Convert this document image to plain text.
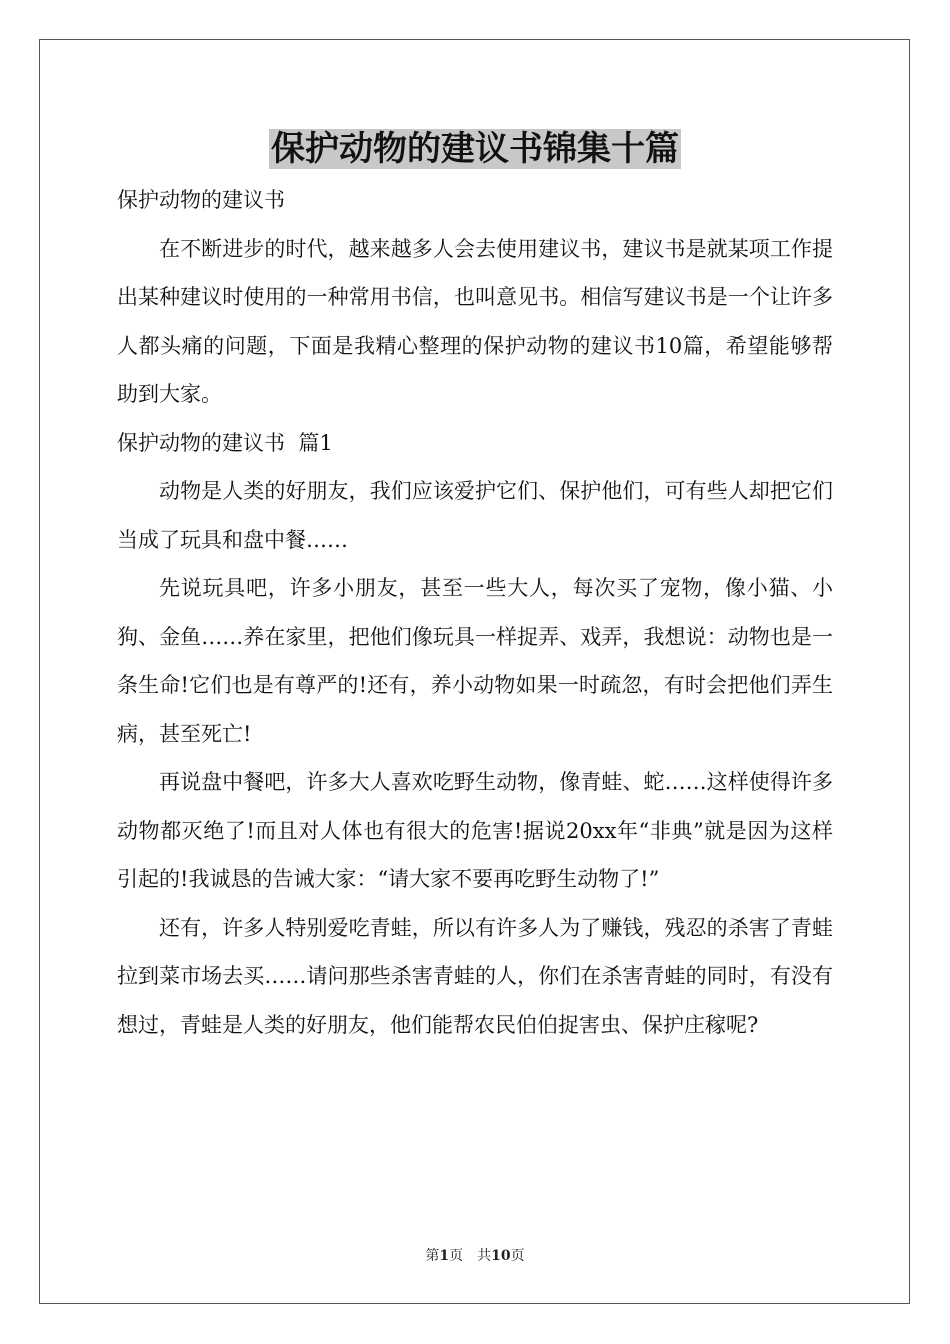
保护动物的建议书锦集十篇

保护动物的建议书

在不断进步的时代，越来越多人会去使用建议书，建议书是就某项工作提出某种建议时使用的一种常用书信，也叫意见书。相信写建议书是一个让许多人都头痛的问题，下面是我精心整理的保护动物的建议书10篇，希望能够帮助到大家。

保护动物的建议书  篇1

动物是人类的好朋友，我们应该爱护它们、保护他们，可有些人却把它们当成了玩具和盘中餐……

先说玩具吧，许多小朋友，甚至一些大人，每次买了宠物，像小猫、小狗、金鱼……养在家里，把他们像玩具一样捉弄、戏弄，我想说：动物也是一条生命!它们也是有尊严的!还有，养小动物如果一时疏忽，有时会把他们弄生病，甚至死亡!

再说盘中餐吧，许多大人喜欢吃野生动物，像青蛙、蛇……这样使得许多动物都灭绝了!而且对人体也有很大的危害!据说20xx年“非典”就是因为这样引起的!我诚恳的告诫大家：“请大家不要再吃野生动物了!”

还有，许多人特别爱吃青蛙，所以有许多人为了赚钱，残忍的杀害了青蛙拉到菜市场去买……请问那些杀害青蛙的人，你们在杀害青蛙的同时，有没有想过，青蛙是人类的好朋友，他们能帮农民伯伯捉害虫、保护庄稼呢?

第1页　共10页
